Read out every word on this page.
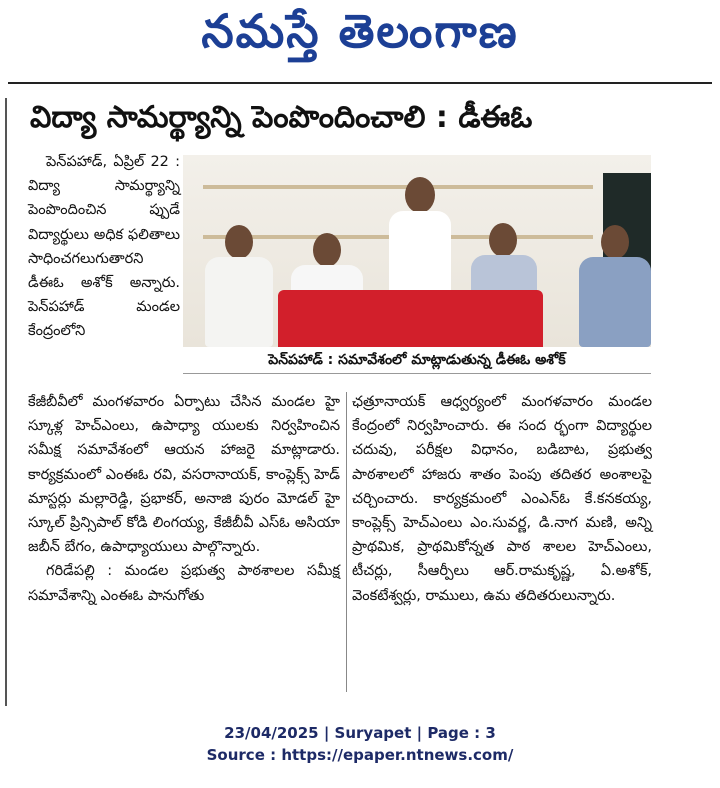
నమస్తే తెలంగాణ
విద్యా సామర్థ్యాన్ని పెంపొందించాలి : డీఈఓ

పెన్‌పహాడ్, ఏప్రిల్ 22 : విద్యా సామర్థ్యాన్ని పెంపొందించిన ప్పుడే విద్యార్థులు అధిక ఫలితాలు సాధించగలుగుతారని డీఈఓ అశోక్ అన్నారు. పెన్‌పహాడ్ మండల కేంద్రంలోని

పెన్‌పహాడ్ : సమావేశంలో మాట్లాడుతున్న డీఈఓ అశోక్

కేజీబీవీలో మంగళవారం ఏర్పాటు చేసిన మండల హై స్కూళ్ల హెచ్‌ఎంలు, ఉపాధ్యా యులకు నిర్వహించిన సమీక్ష సమావేశంలో ఆయన హాజరై మాట్లాడారు. కార్యక్రమంలో ఎంఈఓ రవి, వసరానాయక్, కాంప్లెక్స్ హెడ్ మాస్టర్లు మల్లారెడ్డి, ప్రభాకర్, అనాజి పురం మోడల్ హై స్కూల్ ప్రిన్సిపాల్ కోడి లింగయ్య, కేజీబీవీ ఎస్ఓ అసియా జబీన్ బేగం, ఉపాధ్యాయులు పాల్గొన్నారు.

గరిడేపల్లి : మండల ప్రభుత్వ పాఠశాలల సమీక్ష సమావేశాన్ని ఎంఈఓ పానుగోతు

ఛత్రూనాయక్ ఆధ్వర్యంలో మంగళవారం మండల కేంద్రంలో నిర్వహించారు. ఈ సంద ర్భంగా విద్యార్థుల చదువు, పరీక్షల విధానం, బడిబాట, ప్రభుత్వ పాఠశాలలో హాజరు శాతం పెంపు తదితర అంశాలపై చర్చించారు. కార్యక్రమంలో ఎంఎన్ఓ కే.కనకయ్య, కాంప్లెక్స్ హెచ్‌ఎంలు ఎం.సువర్ణ, డి.నాగ మణి, అన్ని ప్రాథమిక, ప్రాథమికోన్నత పాఠ శాలల హెచ్‌ఎంలు, టీచర్లు, సీఆర్పీలు ఆర్.రామకృష్ణ, ఏ.అశోక్, వెంకటేశ్వర్లు, రాములు, ఉమ తదితరులున్నారు.

23/04/2025 | Suryapet | Page : 3
Source : https://epaper.ntnews.com/
